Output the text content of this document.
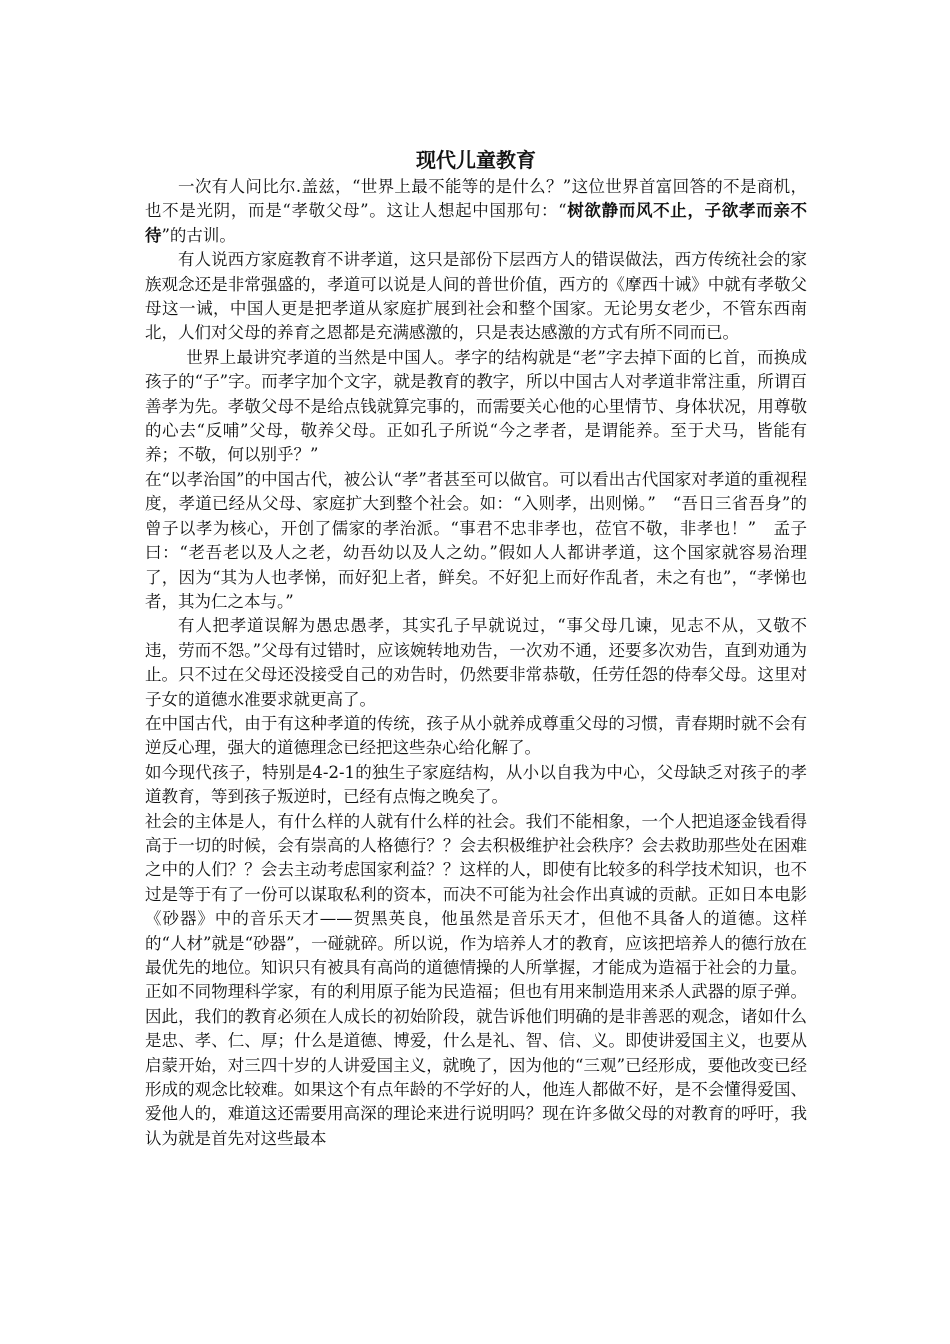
现代儿童教育

一次有人问比尔.盖兹，“世界上最不能等的是什么？”这位世界首富回答的不是商机，也不是光阴，而是“孝敬父母”。这让人想起中国那句：“树欲静而风不止，子欲孝而亲不待”的古训。

有人说西方家庭教育不讲孝道，这只是部份下层西方人的错误做法，西方传统社会的家族观念还是非常强盛的，孝道可以说是人间的普世价值，西方的《摩西十诫》中就有孝敬父母这一诫，中国人更是把孝道从家庭扩展到社会和整个国家。无论男女老少，不管东西南北，人们对父母的养育之恩都是充满感激的，只是表达感激的方式有所不同而已。

世界上最讲究孝道的当然是中国人。孝字的结构就是“老”字去掉下面的匕首，而换成孩子的“子”字。而孝字加个文字，就是教育的教字，所以中国古人对孝道非常注重，所谓百善孝为先。孝敬父母不是给点钱就算完事的，而需要关心他的心里情节、身体状况，用尊敬的心去“反哺”父母，敬养父母。正如孔子所说“今之孝者，是谓能养。至于犬马，皆能有养；不敬，何以别乎？”

在“以孝治国”的中国古代，被公认“孝”者甚至可以做官。可以看出古代国家对孝道的重视程度，孝道已经从父母、家庭扩大到整个社会。如：“入则孝，出则悌。”　“吾日三省吾身”的曾子以孝为核心，开创了儒家的孝治派。“事君不忠非孝也，莅官不敬，非孝也！”　孟子曰：“老吾老以及人之老，幼吾幼以及人之幼。”假如人人都讲孝道，这个国家就容易治理了，因为“其为人也孝悌，而好犯上者，鲜矣。不好犯上而好作乱者，未之有也”，“孝悌也者，其为仁之本与。”

有人把孝道误解为愚忠愚孝，其实孔子早就说过，“事父母几谏，见志不从，又敬不违，劳而不怨。”父母有过错时，应该婉转地劝告，一次劝不通，还要多次劝告，直到劝通为止。只不过在父母还没接受自己的劝告时，仍然要非常恭敬，任劳任怨的侍奉父母。这里对子女的道德水准要求就更高了。

在中国古代，由于有这种孝道的传统，孩子从小就养成尊重父母的习惯，青春期时就不会有逆反心理，强大的道德理念已经把这些杂心给化解了。

如今现代孩子，特别是4-2-1的独生子家庭结构，从小以自我为中心，父母缺乏对孩子的孝道教育，等到孩子叛逆时，已经有点悔之晚矣了。

社会的主体是人，有什么样的人就有什么样的社会。我们不能相象，一个人把追逐金钱看得高于一切的时候，会有崇高的人格德行？？会去积极维护社会秩序？会去救助那些处在困难之中的人们？？会去主动考虑国家利益？？这样的人，即使有比较多的科学技术知识，也不过是等于有了一份可以谋取私利的资本，而决不可能为社会作出真诚的贡献。正如日本电影《砂器》中的音乐天才——贺黑英良，他虽然是音乐天才，但他不具备人的道德。这样的“人材”就是“砂器”，一碰就碎。所以说，作为培养人才的教育，应该把培养人的德行放在最优先的地位。知识只有被具有高尚的道德情操的人所掌握，才能成为造福于社会的力量。正如不同物理科学家，有的利用原子能为民造福；但也有用来制造用来杀人武器的原子弹。因此，我们的教育必须在人成长的初始阶段，就告诉他们明确的是非善恶的观念，诸如什么是忠、孝、仁、厚；什么是道德、博爱，什么是礼、智、信、义。即使讲爱国主义，也要从启蒙开始，对三四十岁的人讲爱国主义，就晚了，因为他的“三观”已经形成，要他改变已经形成的观念比较难。如果这个有点年龄的不学好的人，他连人都做不好，是不会懂得爱国、爱他人的，难道这还需要用高深的理论来进行说明吗？现在许多做父母的对教育的呼吁，我认为就是首先对这些最本
